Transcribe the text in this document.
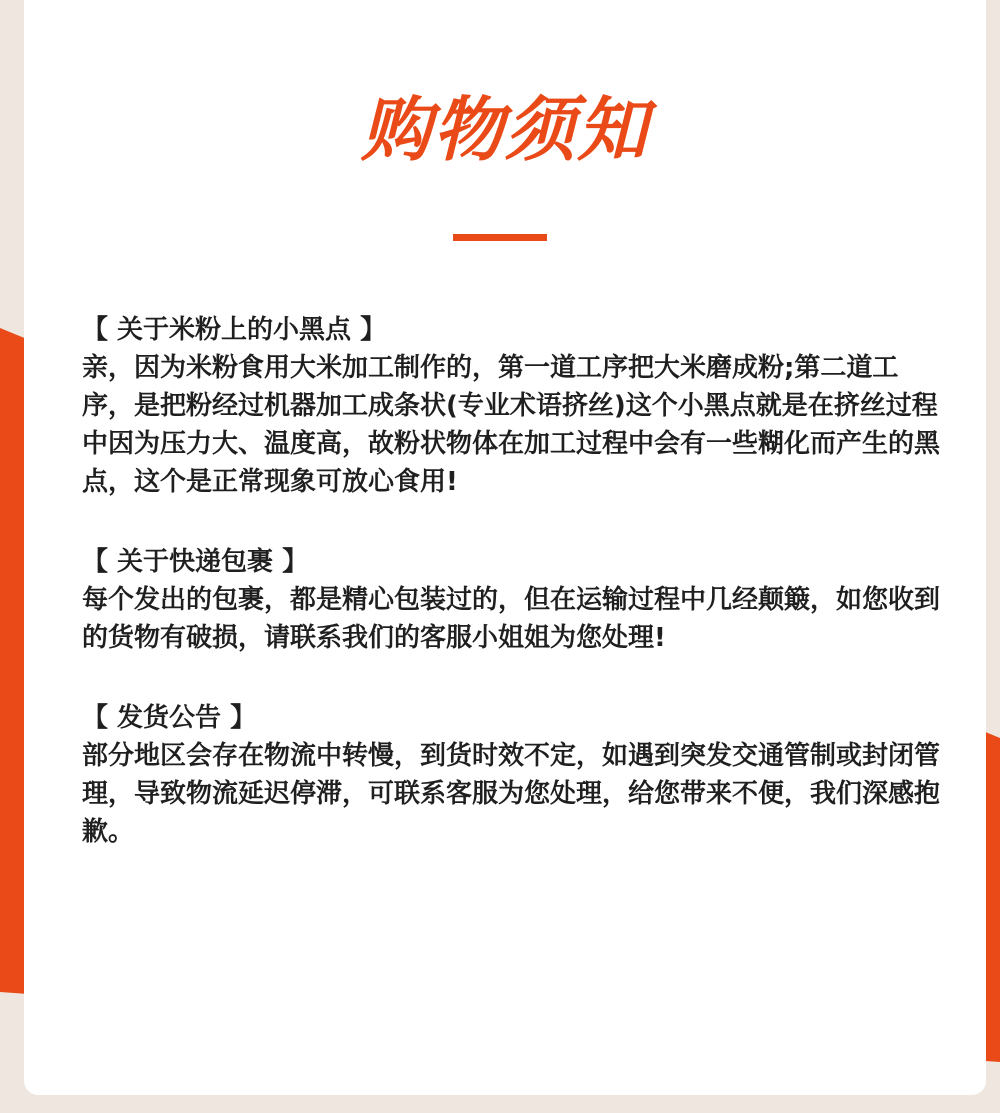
购物须知

【 关于米粉上的小黑点 】

亲，因为米粉食用大米加工制作的，第一道工序把大米磨成粉;第二道工序，是把粉经过机器加工成条状(专业术语挤丝)这个小黑点就是在挤丝过程中因为压力大、温度高，故粉状物体在加工过程中会有一些糊化而产生的黑点，这个是正常现象可放心食用!

【 关于快递包裹 】

每个发出的包裹，都是精心包装过的，但在运输过程中几经颠簸，如您收到的货物有破损，请联系我们的客服小姐姐为您处理!

【 发货公告 】

部分地区会存在物流中转慢，到货时效不定，如遇到突发交通管制或封闭管理，导致物流延迟停滞，可联系客服为您处理，给您带来不便，我们深感抱歉。
